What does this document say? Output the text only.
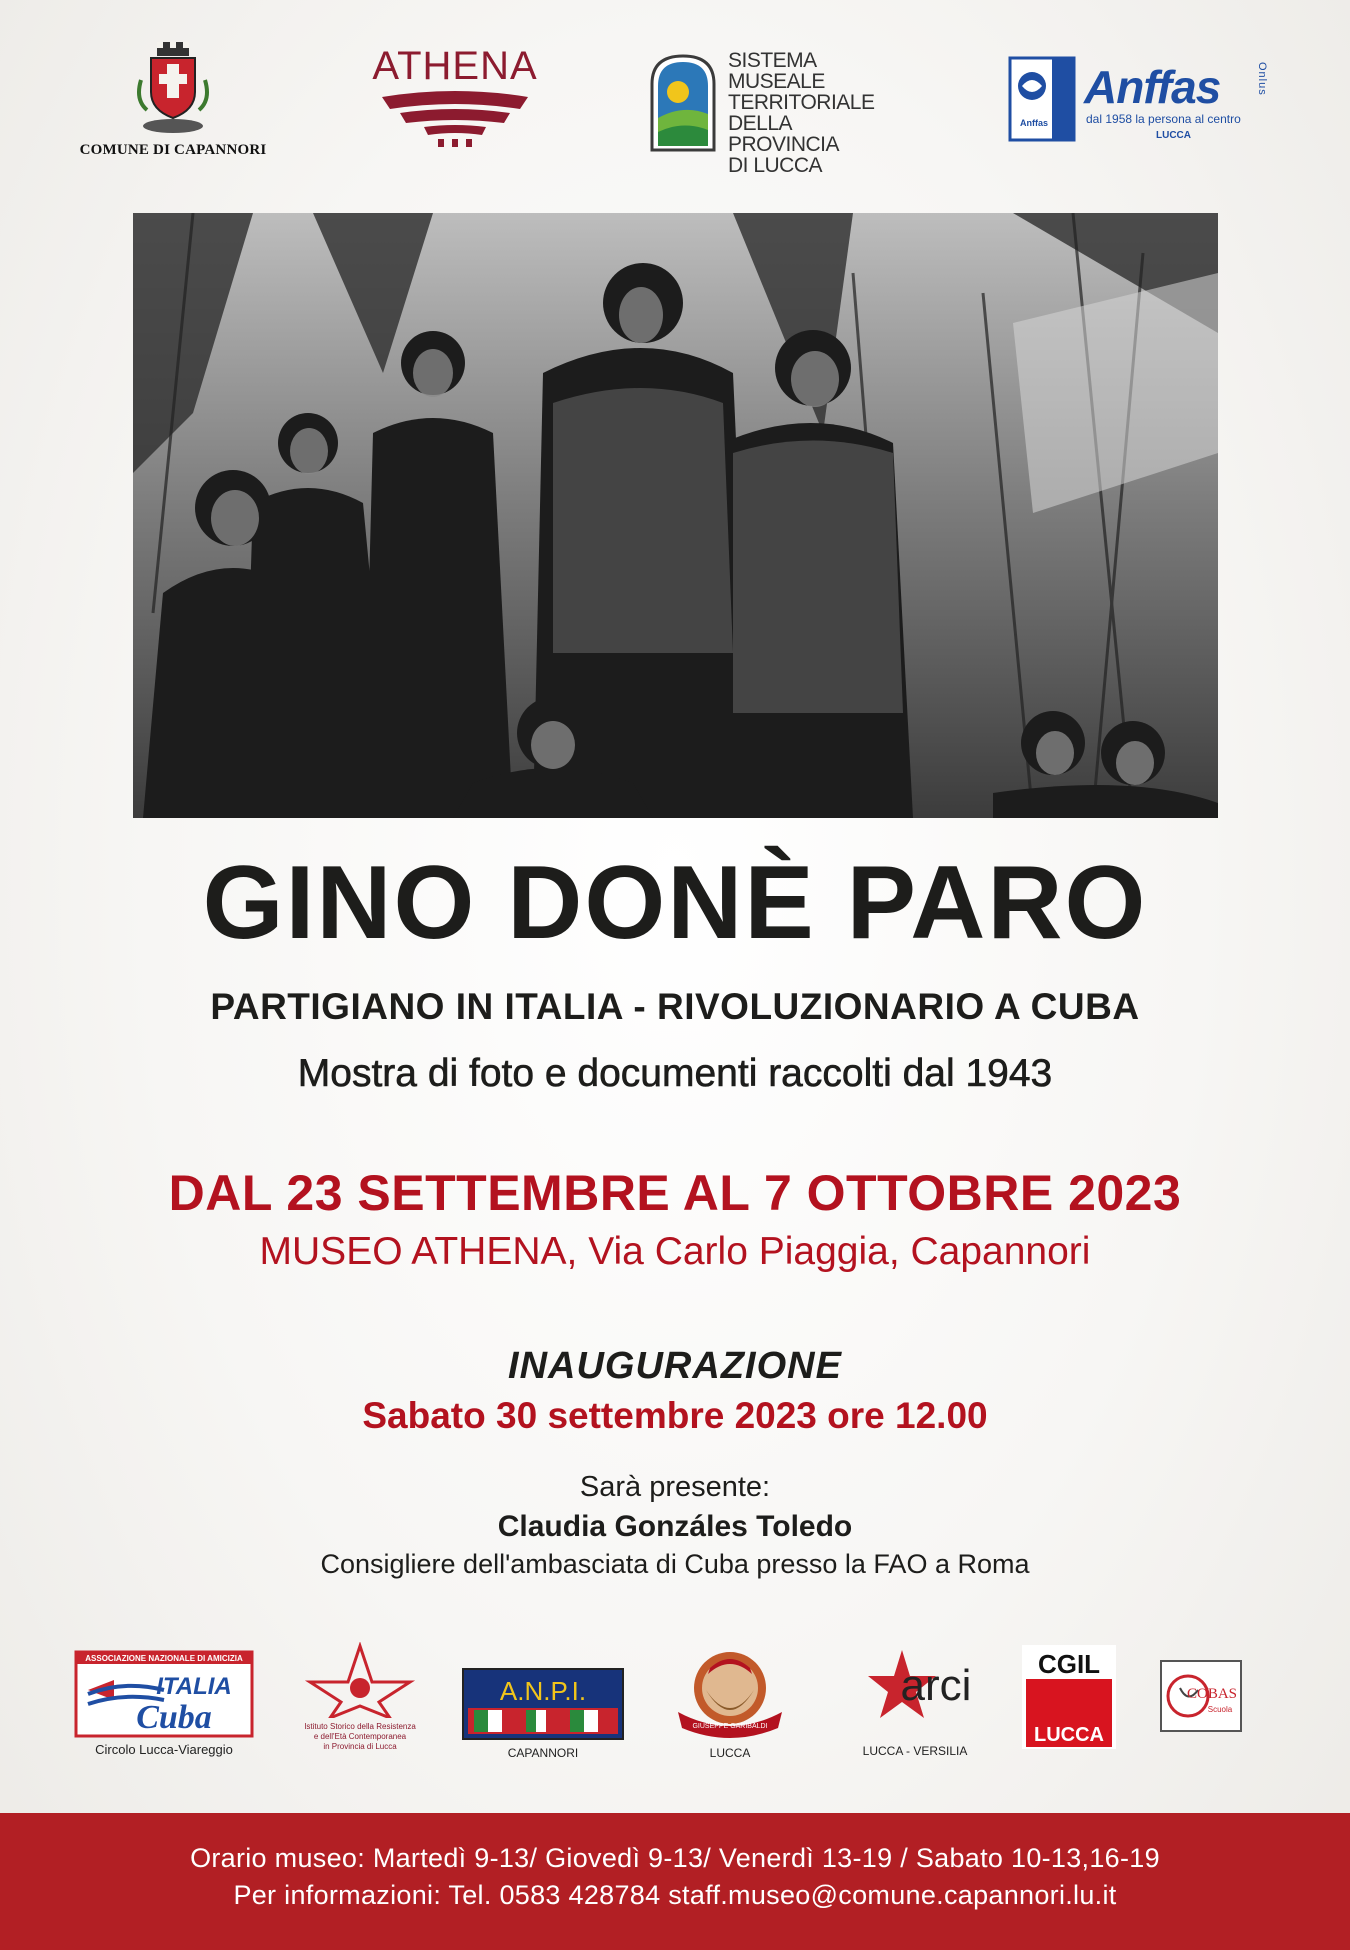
COMUNE DI CAPANNORI
ATHENA	SISTEMA MUSEALE
TERRITORIALE
DELLA PROVINCIA
DI LUCCA
Anffas
Anffas	Onlus
dal 1958 la persona al centro
LUCCA
GINO DONÈ PARO
PARTIGIANO IN ITALIA - RIVOLUZIONARIO A CUBA
Mostra di foto e documenti raccolti dal 1943
DAL 23 SETTEMBRE AL 7 OTTOBRE 2023
MUSEO ATHENA, Via Carlo Piaggia, Capannori
INAUGURAZIONE
Sabato 30 settembre 2023 ore 12.00
Sarà presente:
Claudia Gonzáles Toledo
Consigliere dell'ambasciata di Cuba presso la FAO a Roma
ASSOCIAZIONE NAZIONALE DI AMICIZIA
ITALIA
Cuba
Circolo Lucca-Viareggio
Istituto Storico della Resistenza
e dell'Età Contemporanea
in Provincia di Lucca
A.N.P.I.
CAPANNORI
GIUSEPPE GARIBALDI
LUCCA
arci
LUCCA - VERSILIA
CGIL
LUCCA
COBAS
Scuola
Orario museo: Martedì 9-13/ Giovedì 9-13/ Venerdì 13-19 / Sabato 10-13,16-19
Per informazioni: Tel. 0583 428784 staff.museo@comune.capannori.lu.it
